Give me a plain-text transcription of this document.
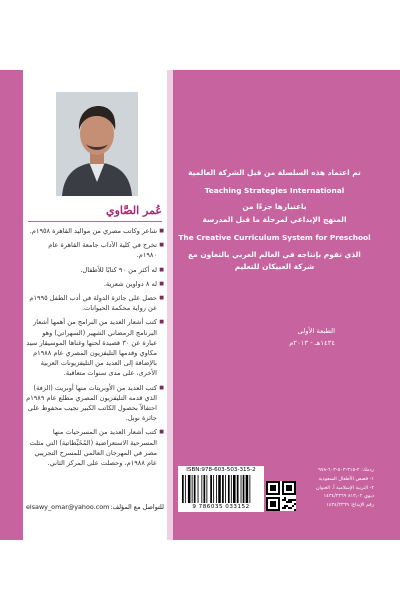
عُمر الصَّاوي
■ شاعر وكاتب مصري من مواليد القاهرة ١٩٥٨م.
■ تخرج في كلية الآداب جامعة القاهرة عام ١٩٨٠م.
■ له أكثر من ٩٠ كتابًا للأطفال.
■ له ٨ دواوين شعرية.
■ حصل على جائزة الدولة في أدب الطفل ١٩٩٥م عن رواية محكمة الحيوانات.
■ كتب أشعار العديد من البرامج من أهمها أشعار البرنامج الرمضاني الشهير (السهراتي) وهو عبارة عن ٣٠ قصيدة لحنها وغناها الموسيقار سيد مكاوي وقدمها التليفزيون المصري عام ١٩٨٨م بالإضافة إلى العديد من التليفزيونات العربية الأخرى، على مدى سنوات متعاقبة.
■ كتب العديد من الأوبريتات منها أوبريت (الزفة) الذي قدمه التليفزيون المصري مطلع عام ١٩٨٩م احتفالاً بحصول الكاتب الكبير نجيب محفوظ على جائزة نوبل.
■ كتب أشعار العديد من المسرحيات منها المسرحية الاستعراضية (المُخَبِّطاتية) التي مثلت مصر في المهرجان العالمي للمسرح التجريبي عام ١٩٨٨م، وحصلت على المركز الثاني.
elsawy_omar@yahoo.com للتواصل مع المؤلف:
تم اعتماد هذه السلسلة من قبل الشركة العالمية
Teaching Strategies International
باعتبارها جزءًا من
المنهج الإبداعي لمرحلة ما قبل المدرسة
The Creative Curriculum System for Preschool
الذي تقوم بإنتاجه في العالم العربي بالتعاون مع
شركة العبيكان للتعليم
الطبعة الأولى
١٤٣٤هـ - ٢٠١٣م
ISBN:978-603-503-315-2
9 786035 033152
ردمك: ٢-٣١٥-٥٠٣-٦٠٣-٩٧٨
١- قصص الأطفال السعودية
٢- التربية الإسلامية أ. العنوان
ديوي ٨١٣٫٠٢ ١٤٣٤/٢٣٦٩
رقم الإيداع: ١٤٣٤/٢٣٦٩
